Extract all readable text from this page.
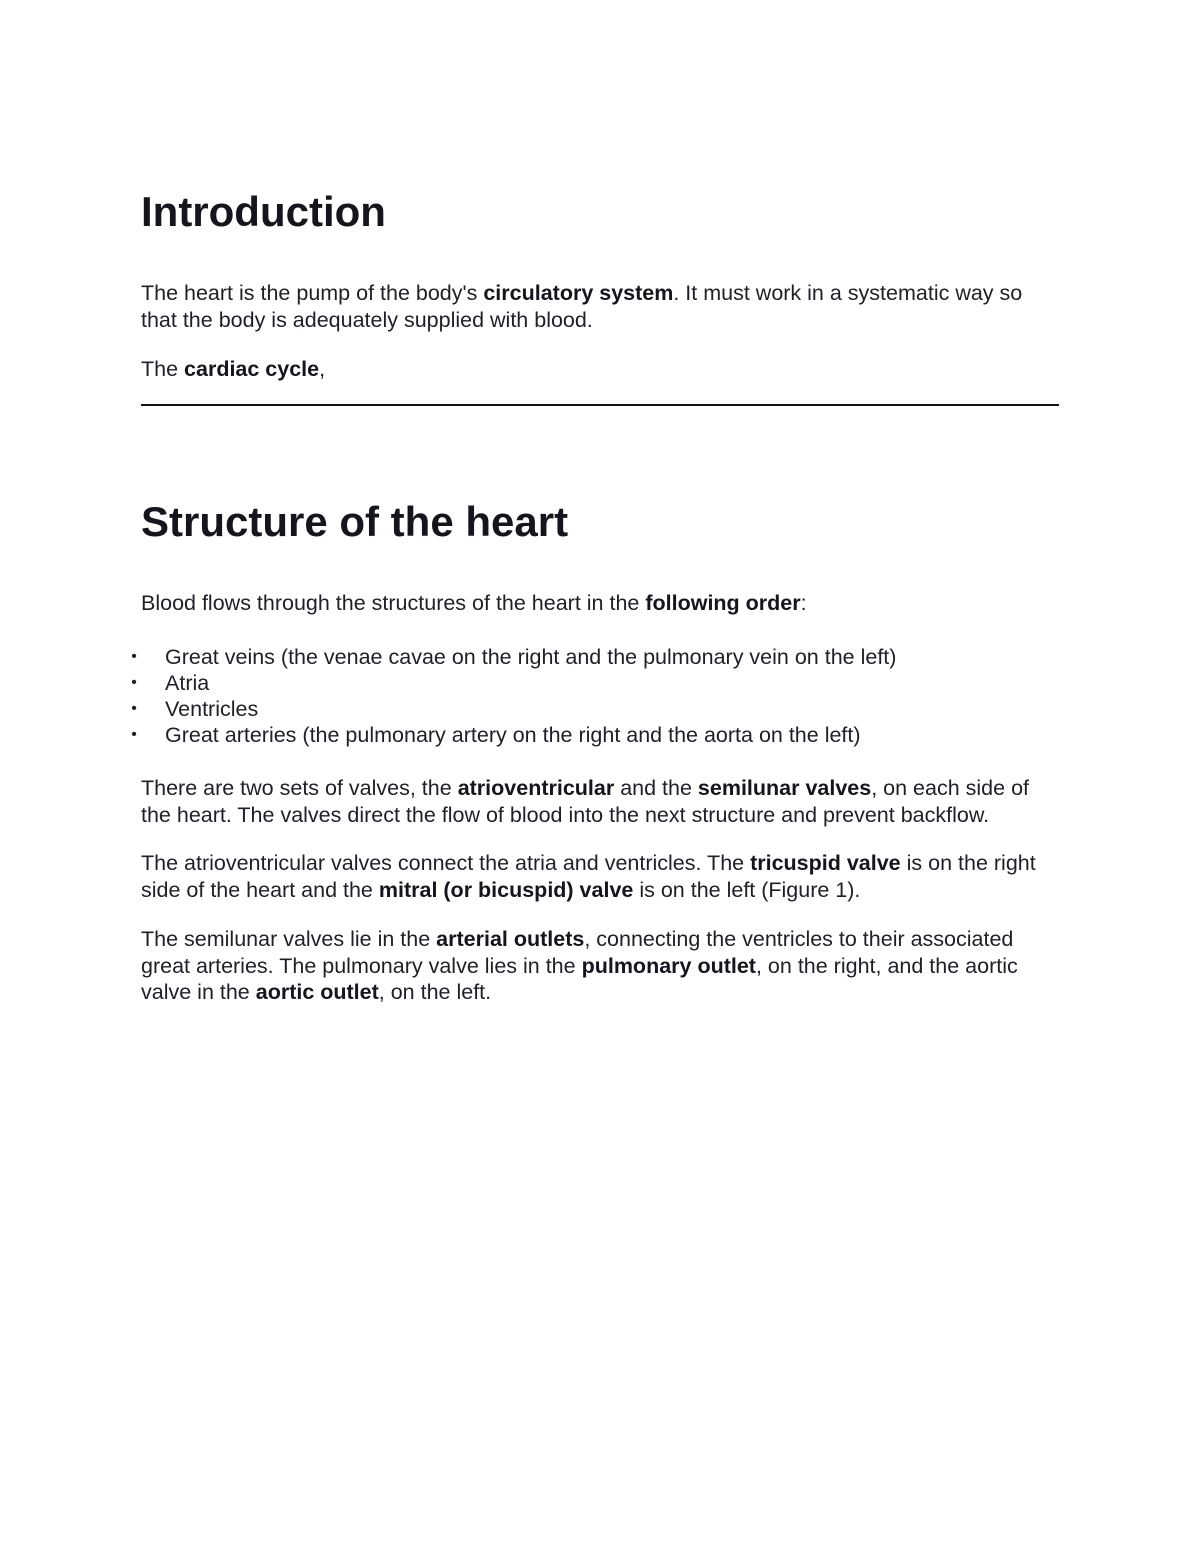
Introduction

The heart is the pump of the body's circulatory system. It must work in a systematic way so that the body is adequately supplied with blood.

The cardiac cycle,

Structure of the heart

Blood flows through the structures of the heart in the following order:

• Great veins (the venae cavae on the right and the pulmonary vein on the left)
• Atria
• Ventricles
• Great arteries (the pulmonary artery on the right and the aorta on the left)

There are two sets of valves, the atrioventricular and the semilunar valves, on each side of the heart. The valves direct the flow of blood into the next structure and prevent backflow.

The atrioventricular valves connect the atria and ventricles. The tricuspid valve is on the right side of the heart and the mitral (or bicuspid) valve is on the left (Figure 1).

The semilunar valves lie in the arterial outlets, connecting the ventricles to their associated great arteries. The pulmonary valve lies in the pulmonary outlet, on the right, and the aortic valve in the aortic outlet, on the left.
